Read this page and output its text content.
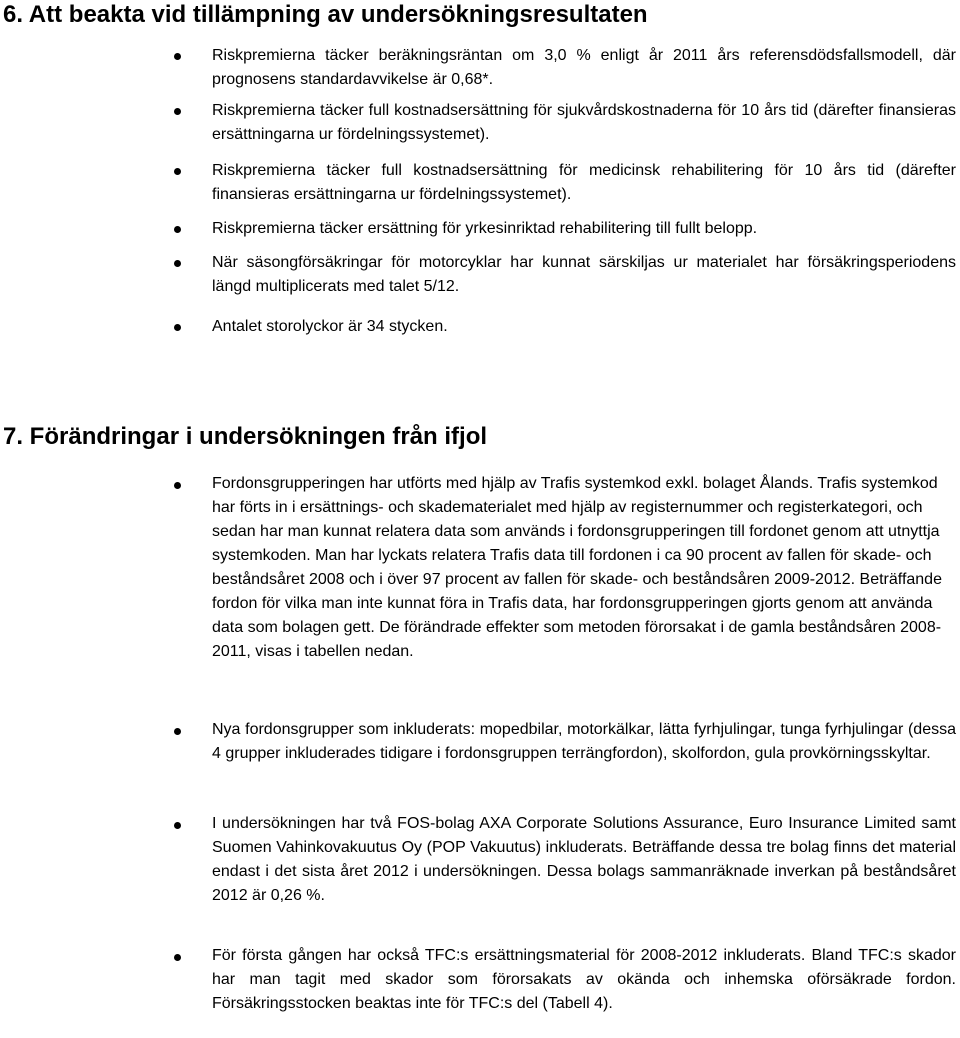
6. Att beakta vid tillämpning av undersökningsresultaten
Riskpremierna täcker beräkningsräntan om 3,0 % enligt år 2011 års referensdödsfallsmodell, där prognosens standardavvikelse är 0,68*.
Riskpremierna täcker full kostnadsersättning för sjukvårdskostnaderna för 10 års tid (därefter finansieras ersättningarna ur fördelningssystemet).
Riskpremierna täcker full kostnadsersättning för medicinsk rehabilitering för 10 års tid (därefter finansieras ersättningarna ur fördelningssystemet).
Riskpremierna täcker ersättning för yrkesinriktad rehabilitering till fullt belopp.
När säsongförsäkringar för motorcyklar har kunnat särskiljas ur materialet har försäkringsperiodens längd multiplicerats med talet 5/12.
Antalet storolyckor är 34 stycken.
7. Förändringar i undersökningen från ifjol
Fordonsgrupperingen har utförts med hjälp av Trafis systemkod exkl. bolaget Ålands. Trafis systemkod har förts in i ersättnings- och skadematerialet med hjälp av registernummer och registerkategori, och sedan har man kunnat relatera data som används i fordonsgrupperingen till fordonet genom att utnyttja systemkoden. Man har lyckats relatera Trafis data till fordonen i ca 90 procent av fallen för skade- och beståndsåret 2008 och i över 97 procent av fallen för skade- och beståndsåren 2009-2012. Beträffande fordon för vilka man inte kunnat föra in Trafis data, har fordonsgrupperingen gjorts genom att använda data som bolagen gett. De förändrade effekter som metoden förorsakat i de gamla beståndsåren 2008-2011, visas i tabellen nedan.
Nya fordonsgrupper som inkluderats: mopedbilar, motorkälkar, lätta fyrhjulingar, tunga fyrhjulingar (dessa 4 grupper inkluderades tidigare i fordonsgruppen terrängfordon), skolfordon, gula provkörningsskyltar.
I undersökningen har två FOS-bolag AXA Corporate Solutions Assurance, Euro Insurance Limited samt Suomen Vahinkovakuutus Oy (POP Vakuutus) inkluderats. Beträffande dessa tre bolag finns det material endast i det sista året 2012 i undersökningen. Dessa bolags sammanräknade inverkan på beståndsåret 2012 är 0,26 %.
För första gången har också TFC:s ersättningsmaterial för 2008-2012 inkluderats. Bland TFC:s skador har man tagit med skador som förorsakats av okända och inhemska oförsäkrade fordon. Försäkringsstocken beaktas inte för TFC:s del (Tabell 4).
